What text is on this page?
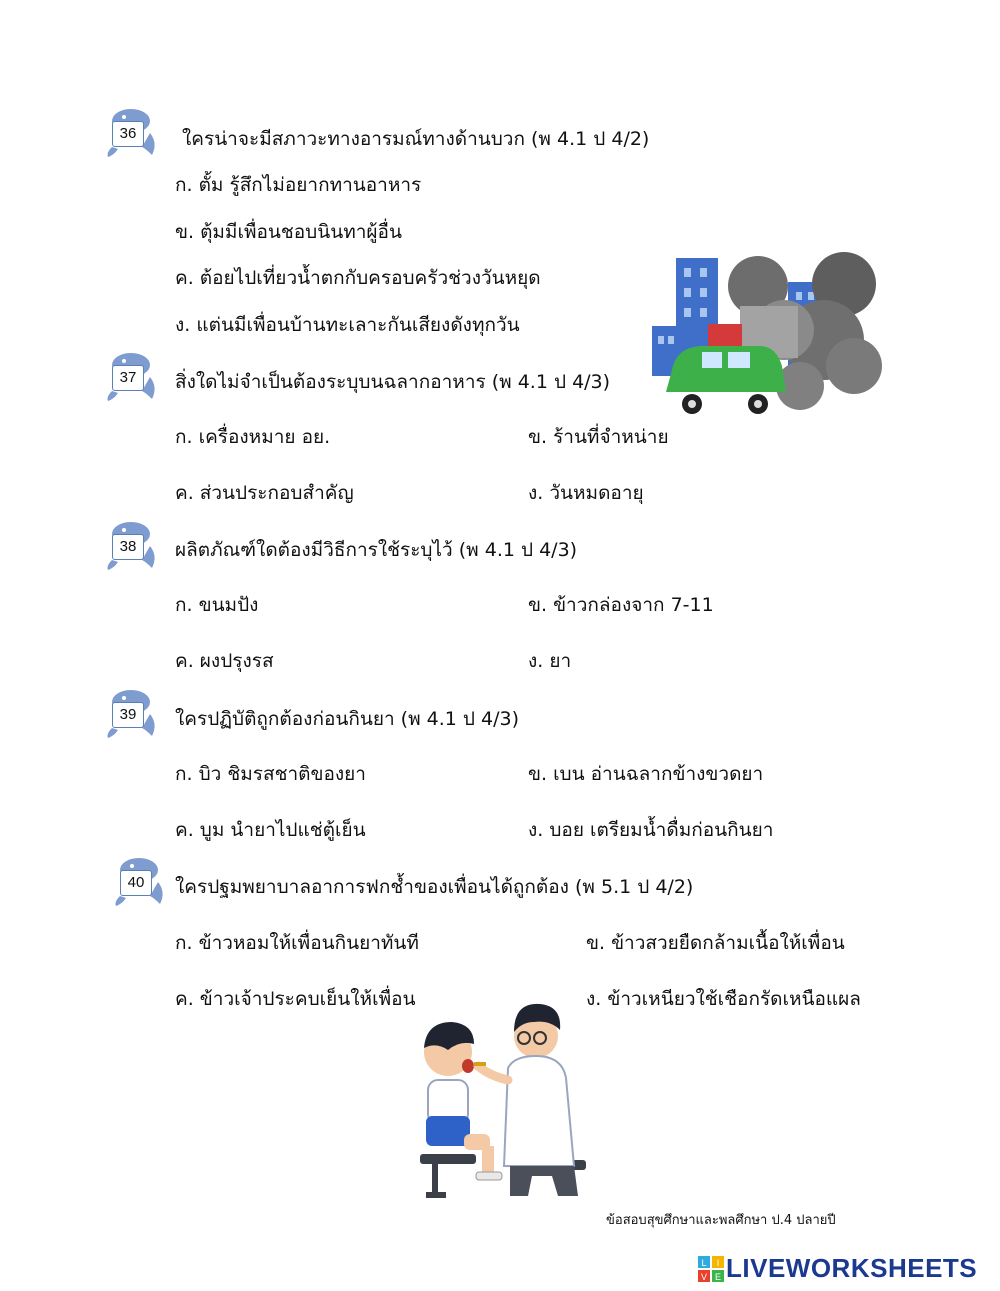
36	ใครน่าจะมีสภาวะทางอารมณ์ทางด้านบวก (พ 4.1 ป 4/2)
ก. ตั้ม รู้สึกไม่อยากทานอาหาร
ข. ตุ้มมีเพื่อนชอบนินทาผู้อื่น
ค. ต้อยไปเที่ยวน้ำตกกับครอบครัวช่วงวันหยุด
ง. แต่นมีเพื่อนบ้านทะเลาะกันเสียงดังทุกวัน
37	สิ่งใดไม่จำเป็นต้องระบุบนฉลากอาหาร (พ 4.1 ป 4/3)
ก. เครื่องหมาย อย.	ข. ร้านที่จำหน่าย
ค. ส่วนประกอบสำคัญ	ง. วันหมดอายุ
38	ผลิตภัณฑ์ใดต้องมีวิธีการใช้ระบุไว้ (พ 4.1 ป 4/3)
ก. ขนมปัง	ข. ข้าวกล่องจาก 7-11
ค. ผงปรุงรส	ง. ยา
39	ใครปฏิบัติถูกต้องก่อนกินยา (พ 4.1 ป 4/3)
ก. บิว ชิมรสชาติของยา	ข. เบน อ่านฉลากข้างขวดยา
ค. บูม นำยาไปแช่ตู้เย็น	ง. บอย เตรียมน้ำดื่มก่อนกินยา
40	ใครปฐมพยาบาลอาการฟกช้ำของเพื่อนได้ถูกต้อง (พ 5.1 ป 4/2)
ก. ข้าวหอมให้เพื่อนกินยาทันที	ข. ข้าวสวยยืดกล้ามเนื้อให้เพื่อน
ค. ข้าวเจ้าประคบเย็นให้เพื่อน	ง. ข้าวเหนียวใช้เชือกรัดเหนือแผล
ข้อสอบสุขศึกษาและพลศึกษา ป.4 ปลายปี
L I
V E LIVEWORKSHEETS
